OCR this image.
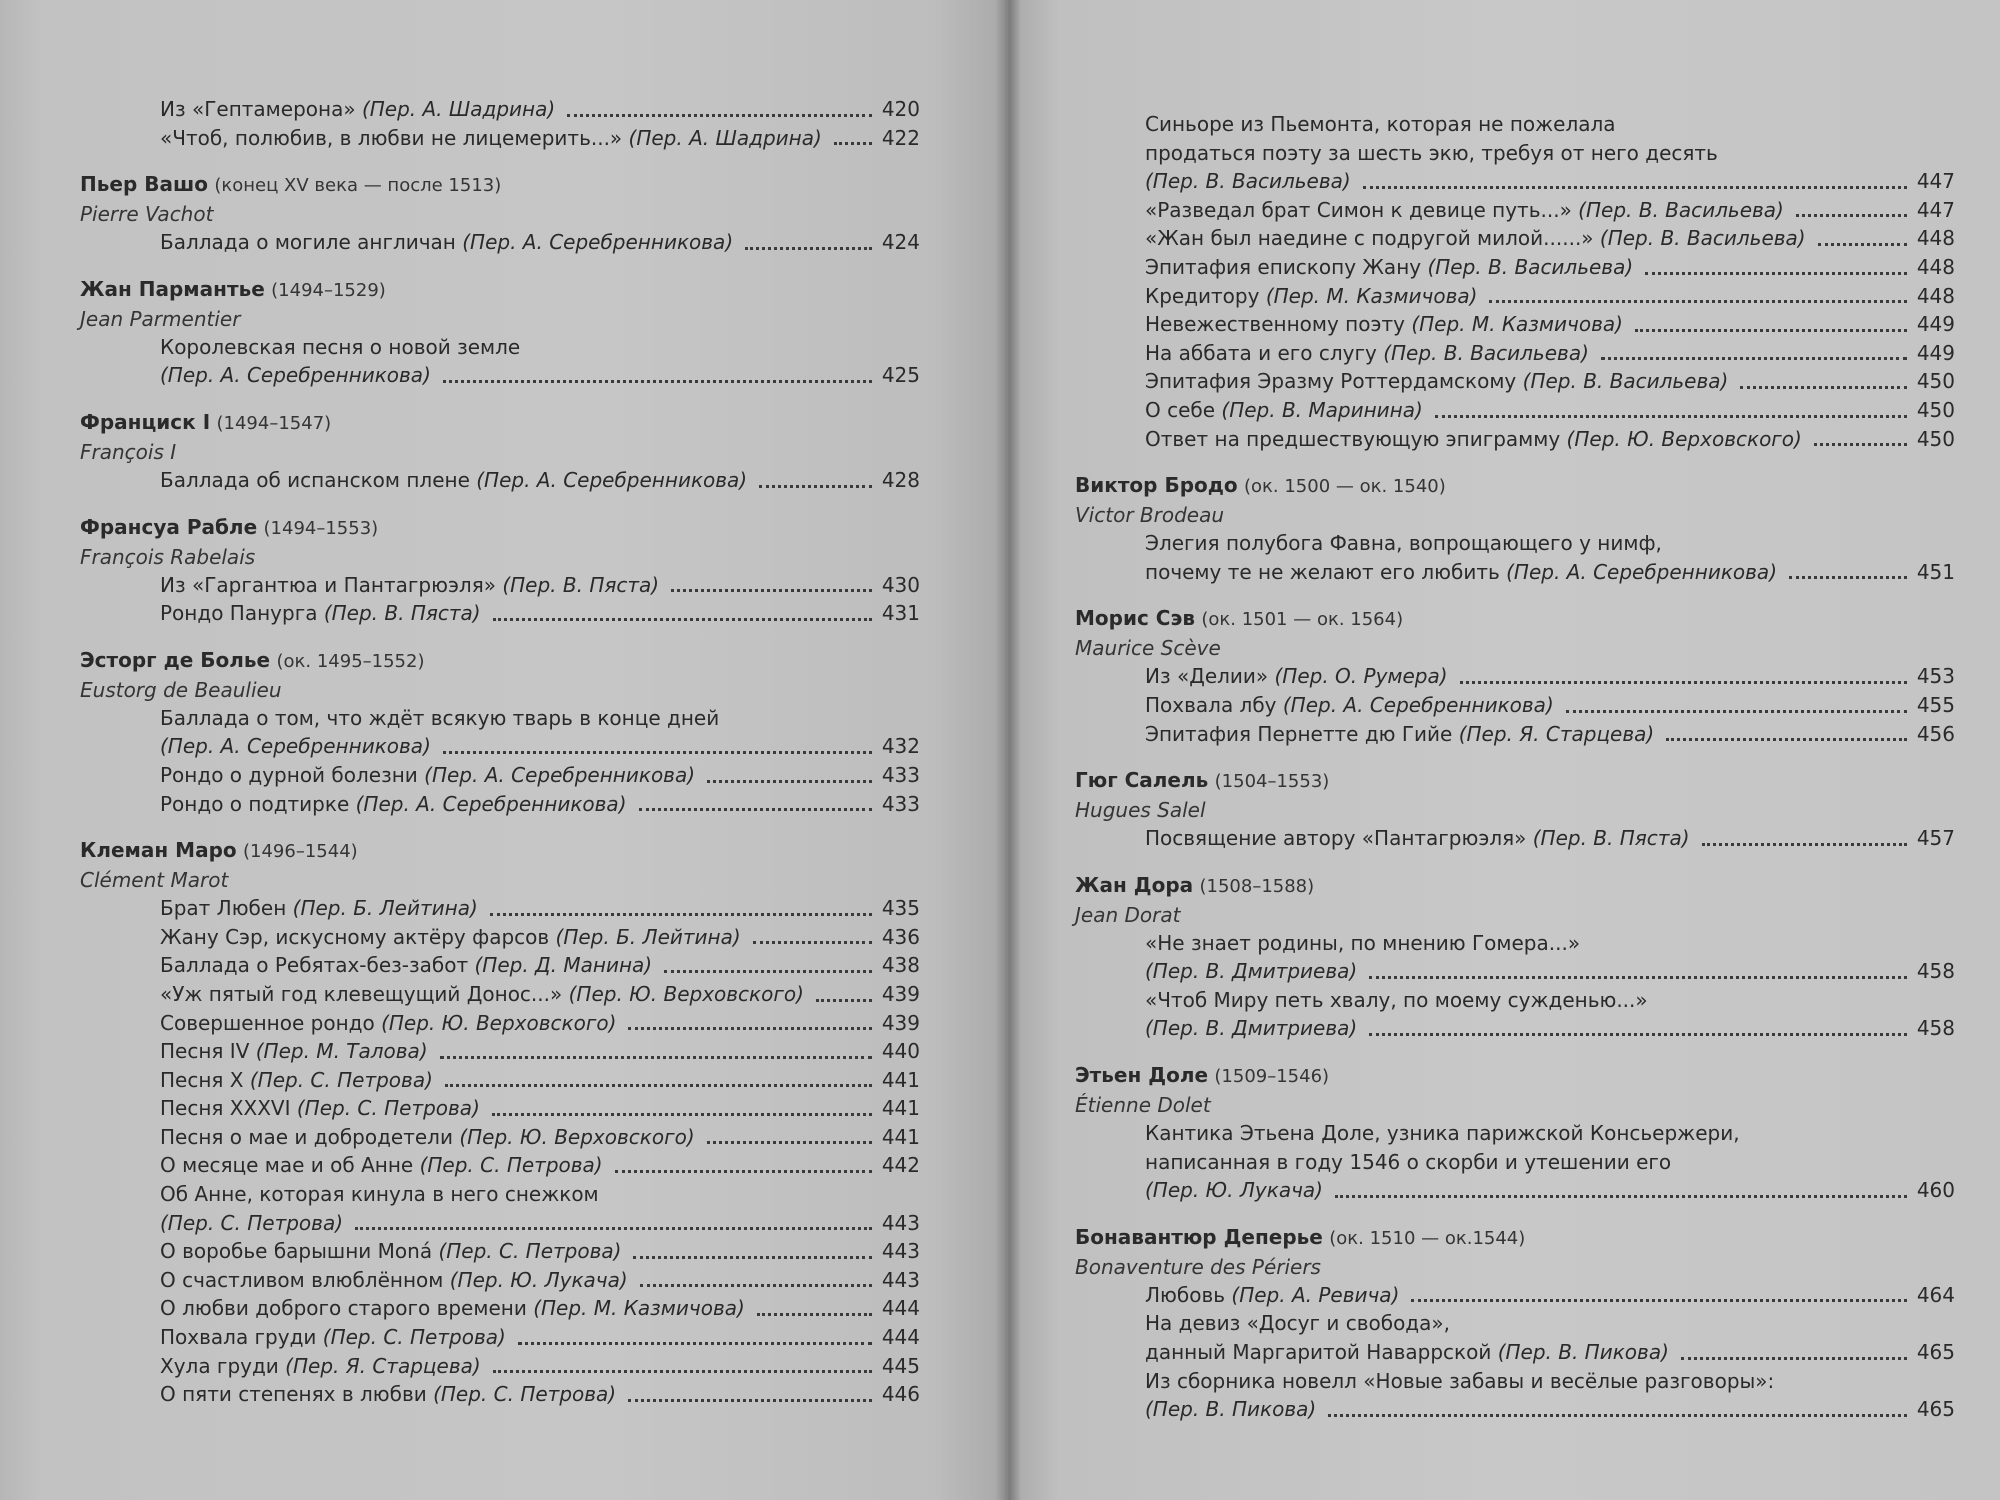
Из «Гептамерона» (Пер. А. Шадрина)	420
«Чтоб, полюбив, в любви не лицемерить...» (Пер. А. Шадрина)	422
Пьер Вашо (конец XV века — после 1513)
Pierre Vachot
Баллада о могиле англичан (Пер. А. Серебренникова)	424
Жан Пармантье (1494–1529)
Jean Parmentier
Королевская песня о новой земле
(Пер. А. Серебренникова)	425
Франциск I (1494–1547)
François I
Баллада об испанском плене (Пер. А. Серебренникова)	428
Франсуа Рабле (1494–1553)
François Rabelais
Из «Гаргантюа и Пантагрюэля» (Пер. В. Пяста)	430
Рондо Панурга (Пер. В. Пяста)	431
Эсторг де Больe (ок. 1495–1552)
Eustorg de Beaulieu
Баллада о том, что ждёт всякую тварь в конце дней
(Пер. А. Серебренникова)	432
Рондо о дурной болезни (Пер. А. Серебренникова)	433
Рондо о подтирке (Пер. А. Серебренникова)	433
Клеман Маро (1496–1544)
Clément Marot
Брат Любен (Пер. Б. Лейтина)	435
Жану Сэр, искусному актёру фарсов (Пер. Б. Лейтина)	436
Баллада о Ребятах-без-забот (Пер. Д. Манина)	438
«Уж пятый год клевещущий Донос...» (Пер. Ю. Верховского)	439
Совершенное рондо (Пер. Ю. Верховского)	439
Песня IV (Пер. М. Талова)	440
Песня X (Пер. С. Петрова)	441
Песня XXXVI (Пер. С. Петрова)	441
Песня о мае и добродетели (Пер. Ю. Верховского)	441
О месяце мае и об Анне (Пер. С. Петрова)	442
Об Анне, которая кинула в него снежком
(Пер. С. Петрова)	443
О воробье барышни Moná (Пер. С. Петрова)	443
О счастливом влюблённом (Пер. Ю. Лукача)	443
О любви доброго старого времени (Пер. М. Казмичова)	444
Похвала груди (Пер. С. Петрова)	444
Хула груди (Пер. Я. Старцева)	445
О пяти степенях в любви (Пер. С. Петрова)	446
Синьоре из Пьемонта, которая не пожелала
продаться поэту за шесть экю, требуя от него десять
(Пер. В. Васильева)	447
«Разведал брат Симон к девице путь...» (Пер. В. Васильева)	447
«Жан был наедине с подругой милой......» (Пер. В. Васильева)	448
Эпитафия епископу Жану (Пер. В. Васильева)	448
Кредитору (Пер. М. Казмичова)	448
Невежественному поэту (Пер. М. Казмичова)	449
На аббата и его слугу (Пер. В. Васильева)	449
Эпитафия Эразму Роттердамскому (Пер. В. Васильева)	450
О себе (Пер. В. Маринина)	450
Ответ на предшествующую эпиграмму (Пер. Ю. Верховского)	450
Виктор Бродо (ок. 1500 — ок. 1540)
Victor Brodeau
Элегия полубога Фавна, вопрощающего у нимф,
почему те не желают его любить (Пер. А. Серебренникова)	451
Морис Сэв (ок. 1501 — ок. 1564)
Maurice Scève
Из «Делии» (Пер. О. Румера)	453
Похвала лбу (Пер. А. Серебренникова)	455
Эпитафия Пернетте дю Гийе (Пер. Я. Старцева)	456
Гюг Салель (1504–1553)
Hugues Salel
Посвящение автору «Пантагрюэля» (Пер. В. Пяста)	457
Жан Дора (1508–1588)
Jean Dorat
«Не знает родины, по мнению Гомера...»
(Пер. В. Дмитриева)	458
«Чтоб Миру петь хвалу, по моему сужденью...»
(Пер. В. Дмитриева)	458
Этьен Доле (1509–1546)
Étienne Dolet
Кантика Этьена Доле, узника парижской Консьержери,
написанная в году 1546 о скорби и утешении его
(Пер. Ю. Лукача)	460
Бонавантюр Деперье (ок. 1510 — ок.1544)
Bonaventure des Périers
Любовь (Пер. А. Ревича)	464
На девиз «Досуг и свобода»,
данный Маргаритой Наваррской (Пер. В. Пикова)	465
Из сборника новелл «Новые забавы и весёлые разговоры»:
(Пер. В. Пикова)	465
